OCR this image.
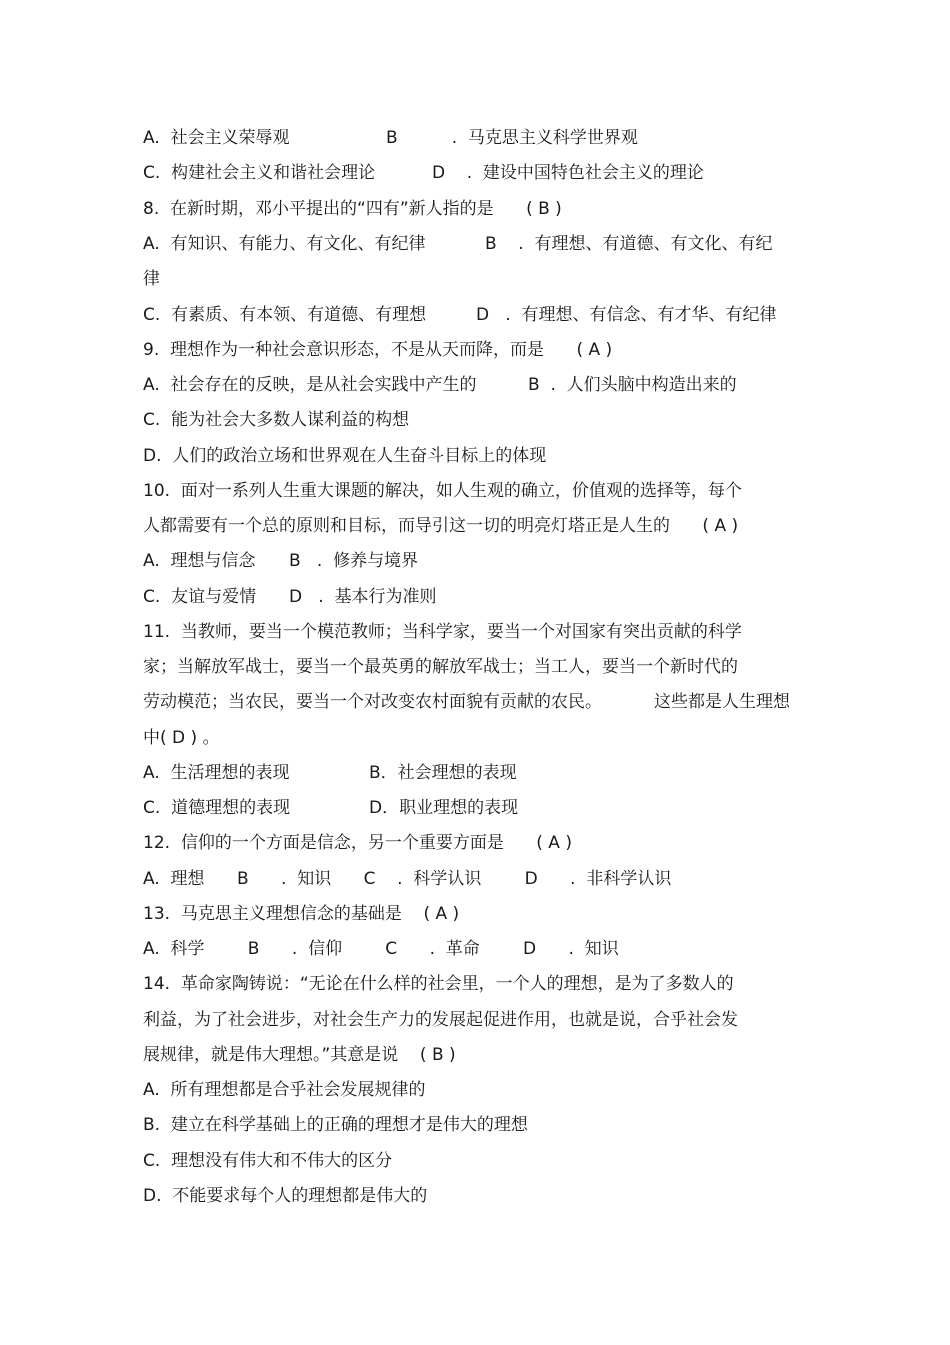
A.  社会主义荣辱观	B          .  马克思主义科学世界观
C.  构建社会主义和谐社会理论	D    .  建设中国特色社会主义的理论
8.  在新时期，邓小平提出的“四有”新人指的是      ( B )
A.  有知识、有能力、有文化、有纪律	B    .  有理想、有道德、有文化、有纪
律
C.  有素质、有本领、有道德、有理想	D   .  有理想、有信念、有才华、有纪律
9.  理想作为一种社会意识形态，不是从天而降，而是      ( A )
A.  社会存在的反映，是从社会实践中产生的	B  .  人们头脑中构造出来的
C.  能为社会大多数人谋利益的构想
D.  人们的政治立场和世界观在人生奋斗目标上的体现
10.  面对一系列人生重大课题的解决，如人生观的确立，价值观的选择等，每个
人都需要有一个总的原则和目标，而导引这一切的明亮灯塔正是人生的      ( A )
A.  理想与信念 B   .  修养与境界
C.  友谊与爱情 D   .  基本行为准则
11.  当教师，要当一个模范教师；当科学家，要当一个对国家有突出贡献的科学
家；当解放军战士，要当一个最英勇的解放军战士；当工人，要当一个新时代的
劳动模范；当农民，要当一个对改变农村面貌有贡献的农民。	这些都是人生理想
中( D ) 。
A.  生活理想的表现	B．社会理想的表现
C.  道德理想的表现	D．职业理想的表现
12.  信仰的一个方面是信念，另一个重要方面是      ( A )
A.  理想      B      .  知识      C    .  科学认识        D      .  非科学认识
13.  马克思主义理想信念的基础是    ( A )
A.  科学        B      .  信仰        C      .  革命        D      .  知识
14.  革命家陶铸说：“无论在什么样的社会里，一个人的理想，是为了多数人的
利益，为了社会进步，对社会生产力的发展起促进作用，也就是说，合乎社会发
展规律，就是伟大理想。”其意是说    ( B )
A.  所有理想都是合乎社会发展规律的
B.  建立在科学基础上的正确的理想才是伟大的理想
C.  理想没有伟大和不伟大的区分
D.  不能要求每个人的理想都是伟大的
